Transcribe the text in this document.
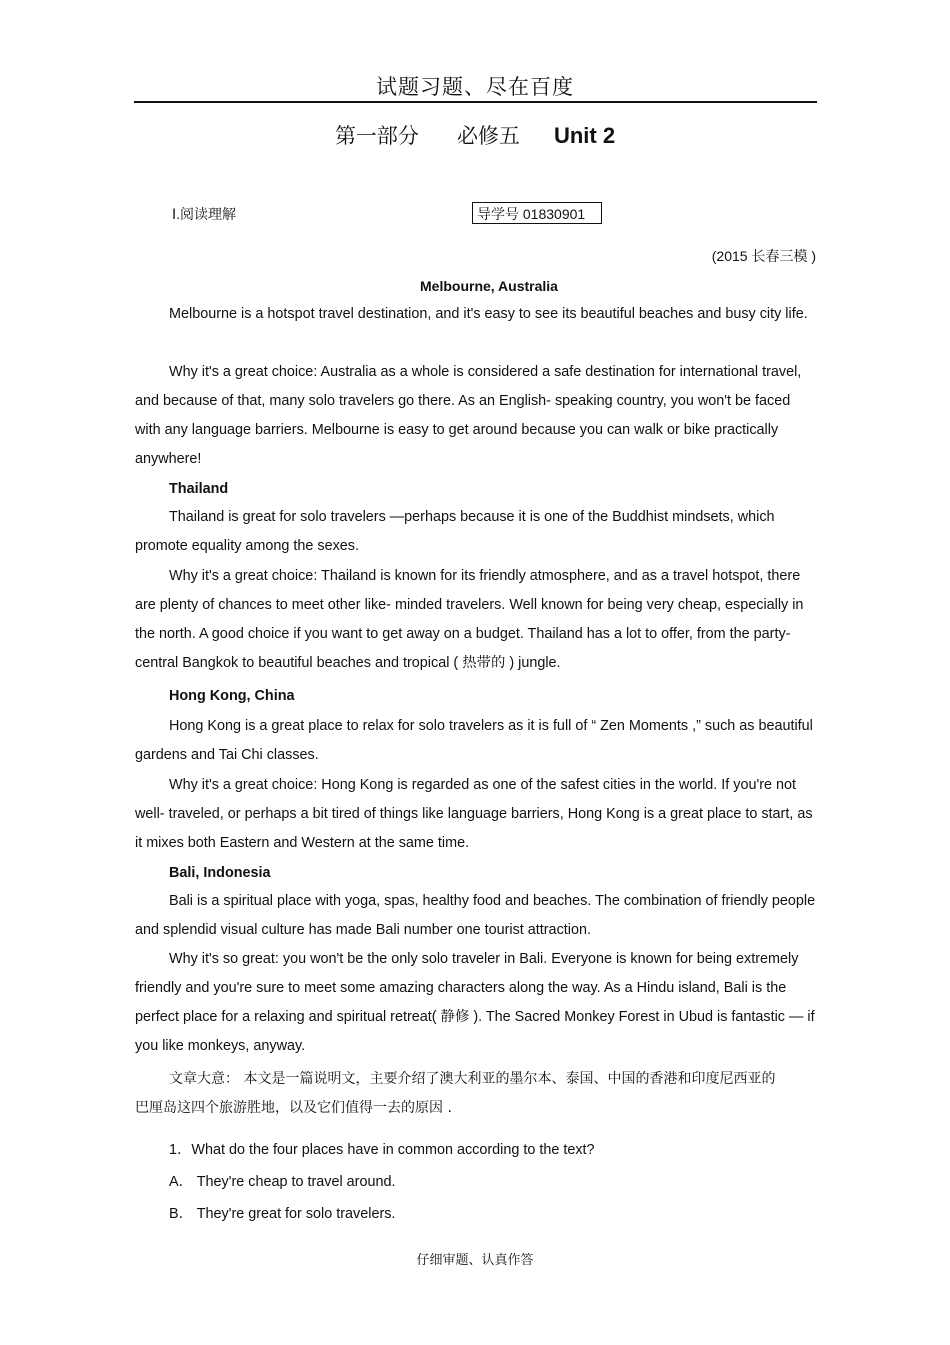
试题习题、尽在百度
第一部分 必修五 Unit 2
Ⅰ.阅读理解	导学号 01830901
(2015 长春三模 )
Melbourne, Australia
Melbourne is a hotspot travel destination, and it's easy to see its beautiful beaches and busy city life.
Why it's a great choice: Australia as a whole is considered a safe destination for international travel, and because of that, many solo travelers go there. As an English- speaking country, you won't be faced with any language barriers. Melbourne is easy to get around because you can walk or bike practically anywhere!
Thailand
Thailand is great for solo travelers —perhaps because it is one of the Buddhist mindsets, which promote equality among the sexes.
Why it's a great choice: Thailand is known for its friendly atmosphere, and as a travel hotspot, there are plenty of chances to meet other like- minded travelers. Well known for being very cheap, especially in the north. A good choice if you want to get away on a budget. Thailand has a lot to offer, from the party- central Bangkok to beautiful beaches and tropical ( 热带的 ) jungle.
Hong Kong, China
Hong Kong is a great place to relax for solo travelers as it is full of “ Zen Moments ,” such as beautiful gardens and Tai Chi classes.
Why it's a great choice: Hong Kong is regarded as one of the safest cities in the world. If you're not well- traveled, or perhaps a bit tired of things like language barriers, Hong Kong is a great place to start, as it mixes both Eastern and Western at the same time.
Bali, Indonesia
Bali is a spiritual place with yoga, spas, healthy food and beaches. The combination of friendly people and splendid visual culture has made Bali number one tourist attraction.
Why it's so great: you won't be the only solo traveler in Bali. Everyone is known for being extremely friendly and you're sure to meet some amazing characters along the way. As a Hindu island, Bali is the perfect place for a relaxing and spiritual retreat( 静修 ). The Sacred Monkey Forest in Ubud is fantastic — if you like monkeys, anyway.
文章大意： 本文是一篇说明文，主要介绍了澳大利亚的墨尔本、泰国、中国的香港和印度尼西亚的巴厘岛这四个旅游胜地，以及它们值得一去的原因 .
1．What do the four places have in common according to the text?
A． They're cheap to travel around.
B． They're great for solo travelers.
仔细审题、认真作答
